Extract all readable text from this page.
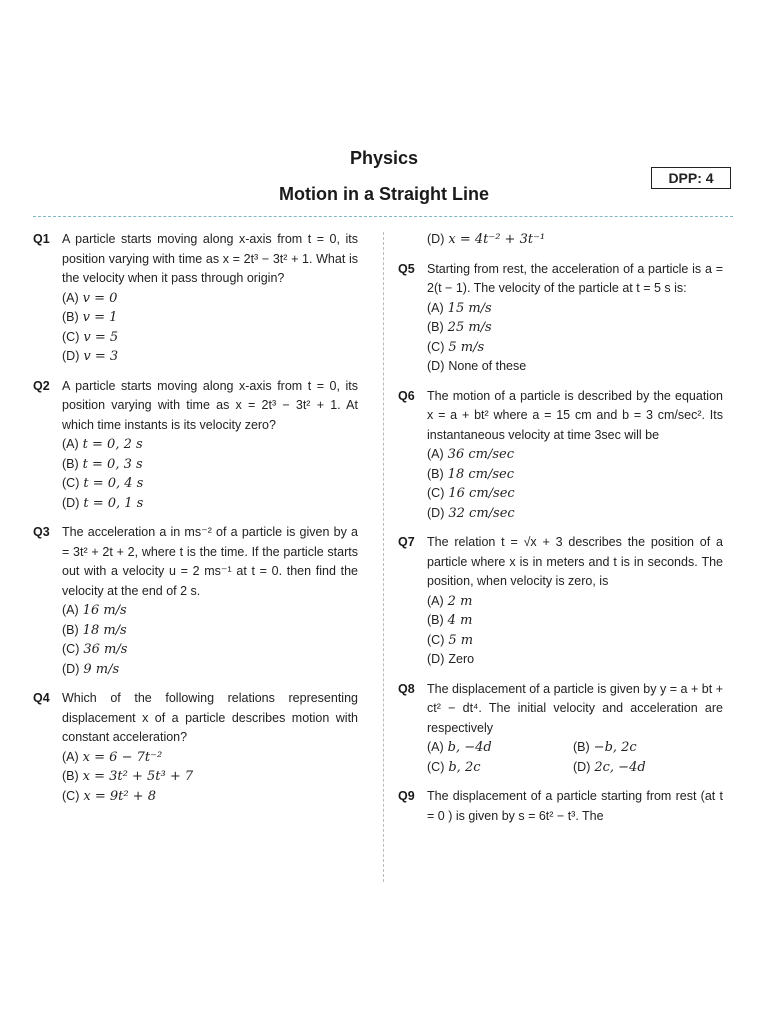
Physics
Motion in a Straight Line
DPP: 4
Q1 A particle starts moving along x-axis from t = 0, its position varying with time as x = 2t³ − 3t² + 1. What is the velocity when it pass through origin?
(A) v = 0
(B) v = 1
(C) v = 5
(D) v = 3
Q2 A particle starts moving along x-axis from t = 0, its position varying with time as x = 2t³ − 3t² + 1. At which time instants is its velocity zero?
(A) t = 0, 2 s
(B) t = 0, 3 s
(C) t = 0, 4 s
(D) t = 0, 1 s
Q3 The acceleration a in ms⁻² of a particle is given by a = 3t² + 2t + 2, where t is the time. If the particle starts out with a velocity u = 2 ms⁻¹ at t = 0. then find the velocity at the end of 2 s.
(A) 16 m/s
(B) 18 m/s
(C) 36 m/s
(D) 9 m/s
Q4 Which of the following relations representing displacement x of a particle describes motion with constant acceleration?
(A) x = 6 − 7t⁻²
(B) x = 3t² + 5t³ + 7
(C) x = 9t² + 8
(D) x = 4t⁻² + 3t⁻¹
Q5 Starting from rest, the acceleration of a particle is a = 2(t − 1). The velocity of the particle at t = 5 s is:
(A) 15 m/s
(B) 25 m/s
(C) 5 m/s
(D) None of these
Q6 The motion of a particle is described by the equation x = a + bt² where a = 15 cm and b = 3 cm/sec². Its instantaneous velocity at time 3sec will be
(A) 36 cm/sec
(B) 18 cm/sec
(C) 16 cm/sec
(D) 32 cm/sec
Q7 The relation t = √x + 3 describes the position of a particle where x is in meters and t is in seconds. The position, when velocity is zero, is
(A) 2 m
(B) 4 m
(C) 5 m
(D) Zero
Q8 The displacement of a particle is given by y = a + bt + ct² − dt⁴. The initial velocity and acceleration are respectively
(A) b, −4d	(B) −b, 2c
(C) b, 2c	(D) 2c, −4d
Q9 The displacement of a particle starting from rest (at t = 0 ) is given by s = 6t² − t³. The
